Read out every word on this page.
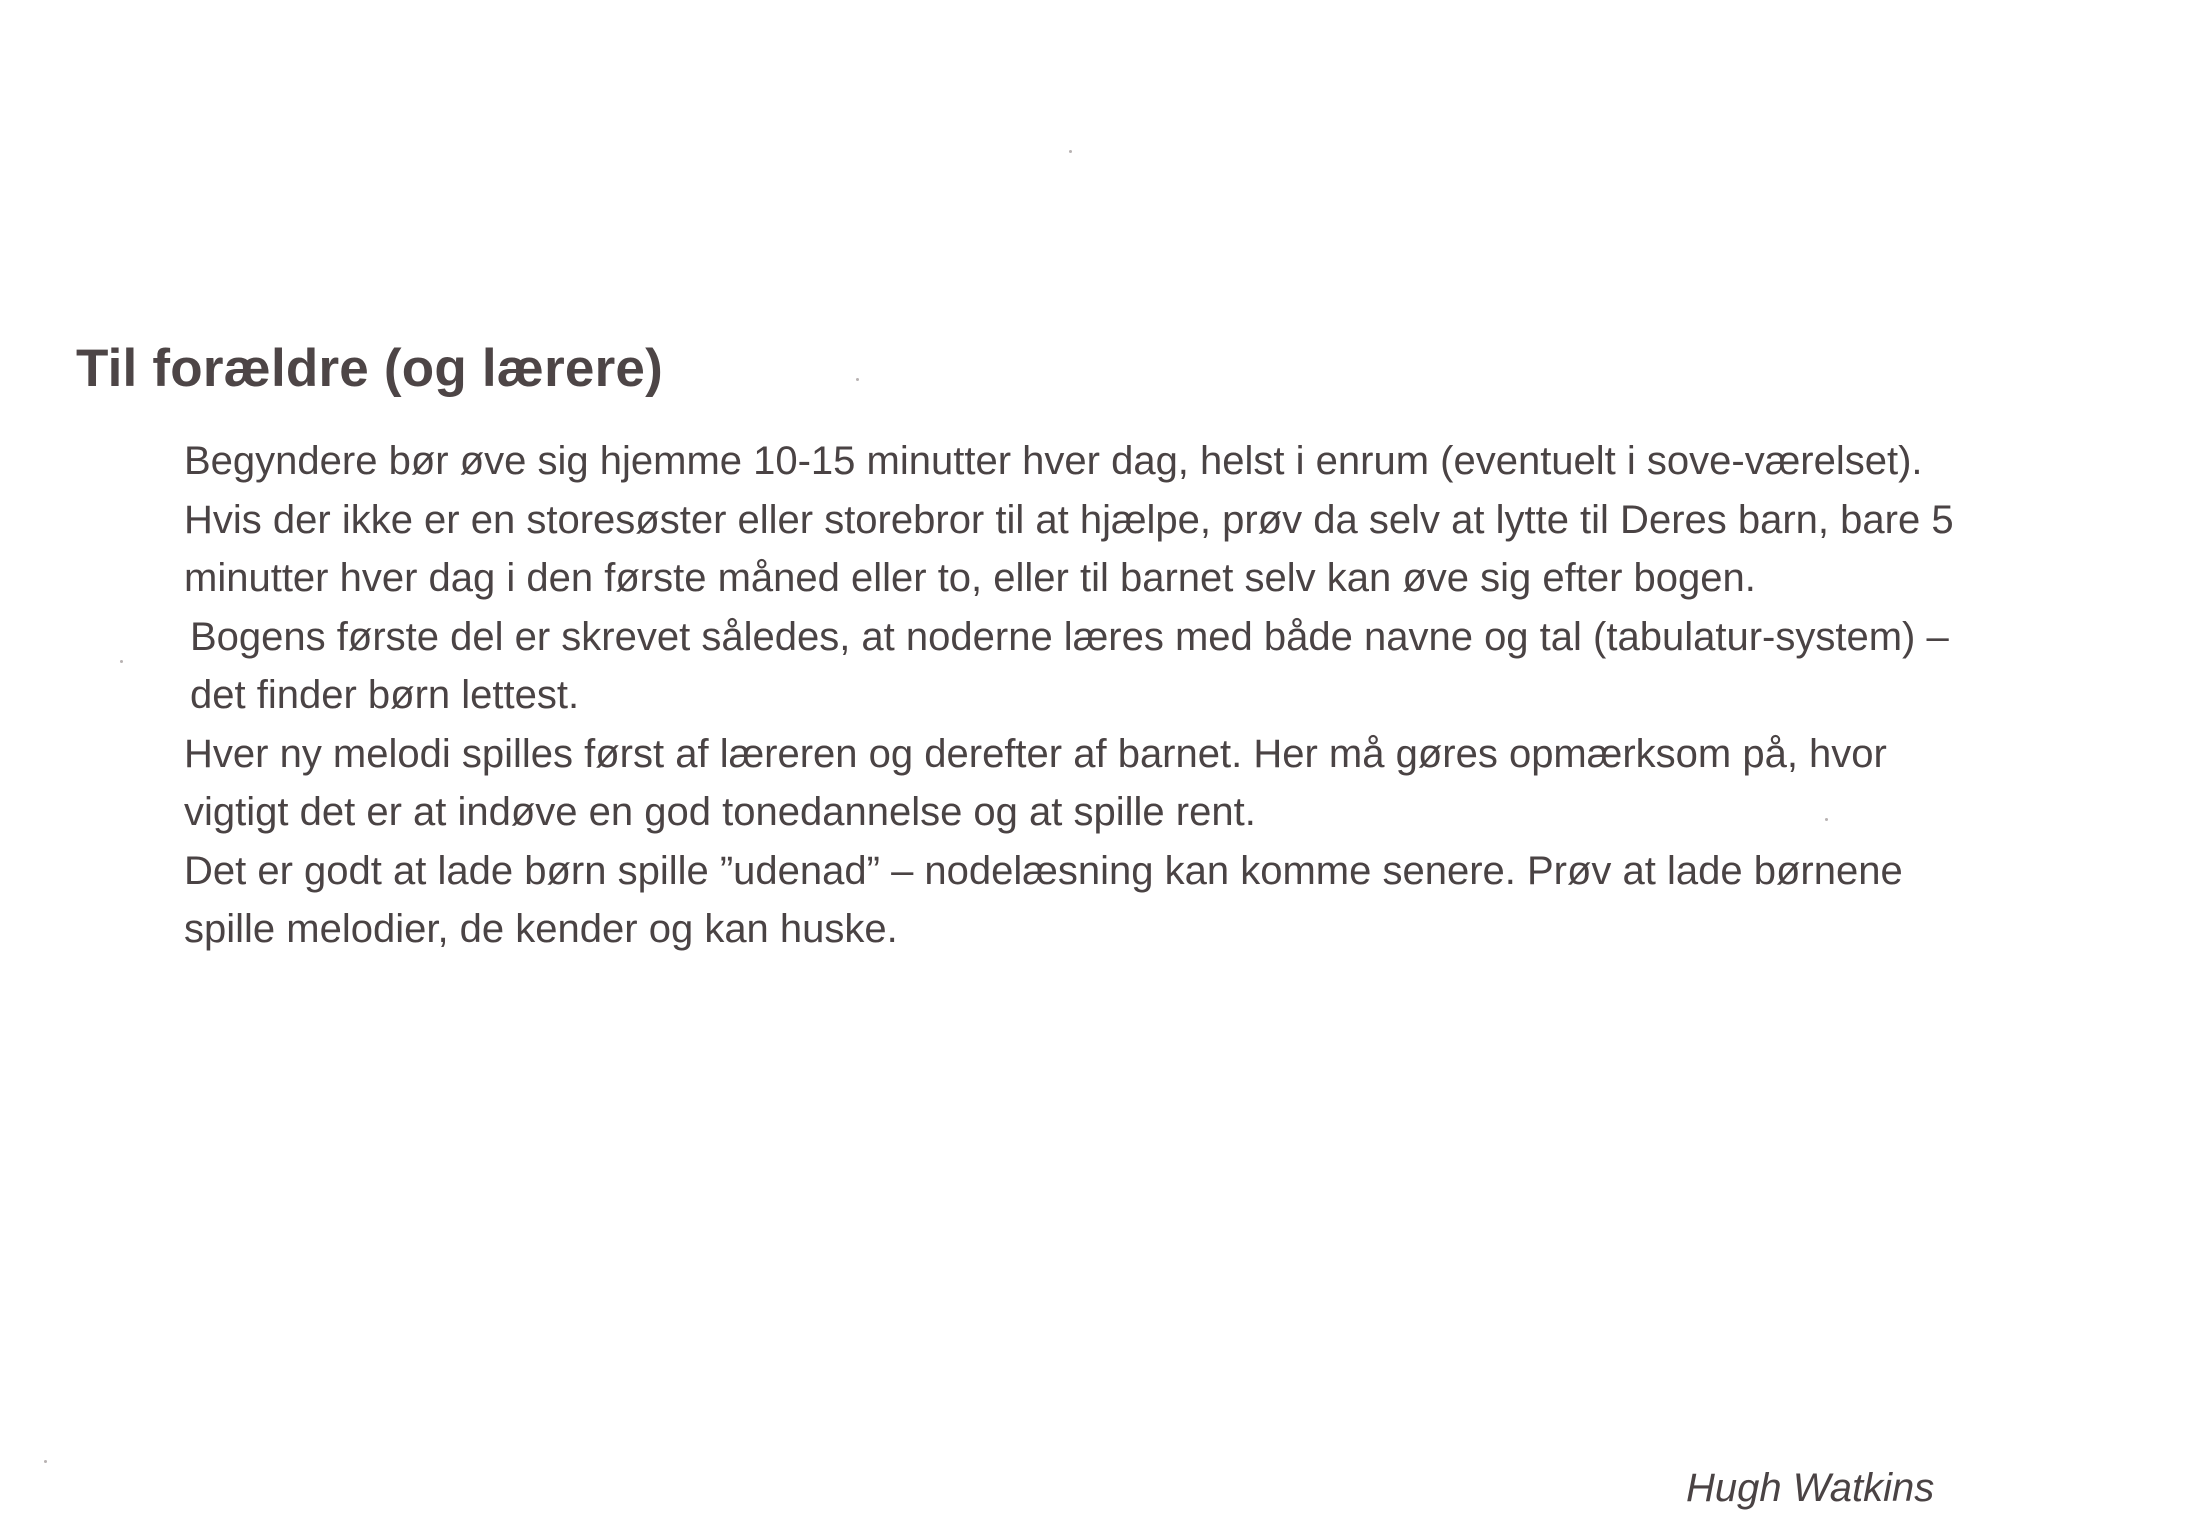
Til forældre (og lærere)

Begyndere bør øve sig hjemme 10-15 minutter hver dag, helst i enrum (eventuelt i sove-værelset).

Hvis der ikke er en storesøster eller storebror til at hjælpe, prøv da selv at lytte til Deres barn, bare 5 minutter hver dag i den første måned eller to, eller til barnet selv kan øve sig efter bogen.

Bogens første del er skrevet således, at noderne læres med både navne og tal (tabulatur-system) – det finder børn lettest.

Hver ny melodi spilles først af læreren og derefter af barnet. Her må gøres opmærksom på, hvor vigtigt det er at indøve en god tonedannelse og at spille rent.

Det er godt at lade børn spille ”udenad” – nodelæsning kan komme senere. Prøv at lade børnene spille melodier, de kender og kan huske.

Hugh Watkins
